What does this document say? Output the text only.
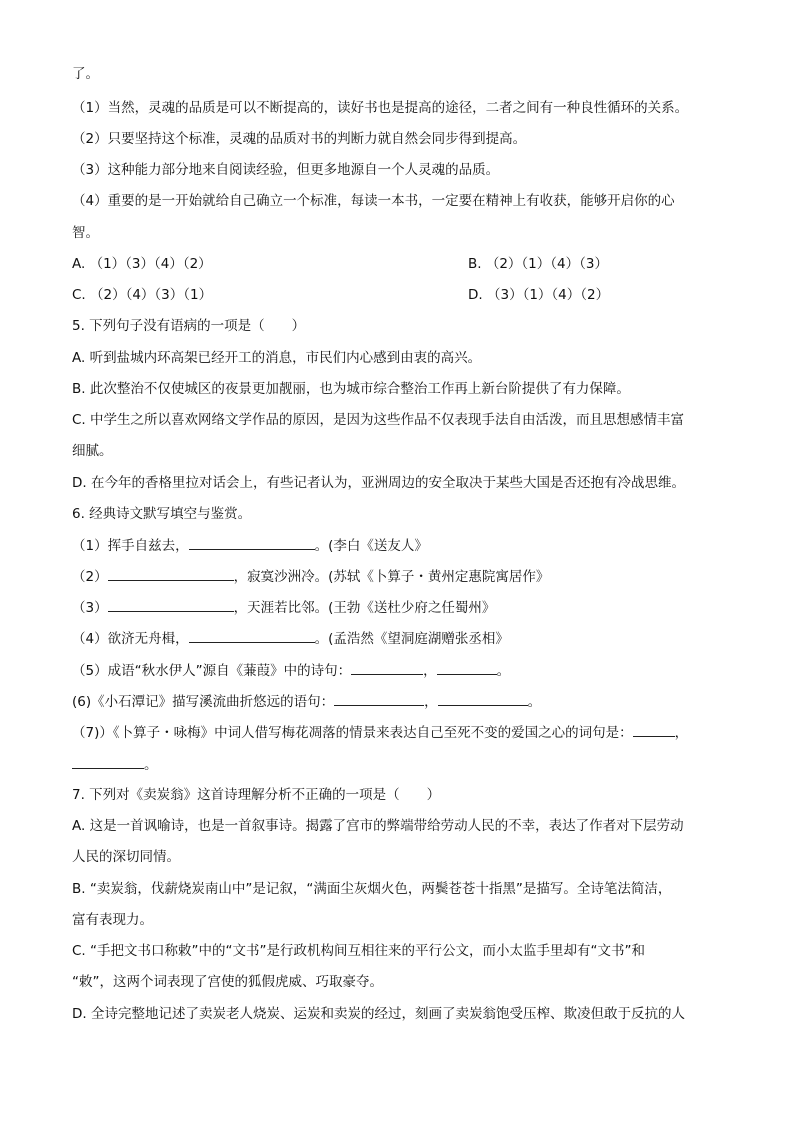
了。
（1）当然，灵魂的品质是可以不断提高的，读好书也是提高的途径，二者之间有一种良性循环的关系。
（2）只要坚持这个标准，灵魂的品质对书的判断力就自然会同步得到提高。
（3）这种能力部分地来自阅读经验，但更多地源自一个人灵魂的品质。
（4）重要的是一开始就给自己确立一个标准，每读一本书，一定要在精神上有收获，能够开启你的心
智。
A. （1）（3）（4）（2）	B. （2）（1）（4）（3）
C. （2）（4）（3）（1）	D. （3）（1）（4）（2）
5. 下列句子没有语病的一项是（　　）
A. 听到盐城内环高架已经开工的消息，市民们内心感到由衷的高兴。
B. 此次整治不仅使城区的夜景更加靓丽，也为城市综合整治工作再上新台阶提供了有力保障。
C. 中学生之所以喜欢网络文学作品的原因，是因为这些作品不仅表现手法自由活泼，而且思想感情丰富
细腻。
D. 在今年的香格里拉对话会上，有些记者认为，亚洲周边的安全取决于某些大国是否还抱有冷战思维。
6. 经典诗文默写填空与鉴赏。
（1）挥手自兹去，	。(李白《送友人》
（2）	，寂寞沙洲冷。(苏轼《卜算子・黄州定惠院寓居作》
（3）	，天涯若比邻。(王勃《送杜少府之任蜀州》
（4）欲济无舟楫，	。(孟浩然《望洞庭湖赠张丞相》
（5）成语“秋水伊人”源自《蒹葭》中的诗句：	，	。
(6)《小石潭记》描写溪流曲折悠远的语句：	，	。
（7)）《卜算子・咏梅》中词人借写梅花凋落的情景来表达自己至死不变的爱国之心的词句是：	，
。
7. 下列对《卖炭翁》这首诗理解分析不正确的一项是（　　）
A. 这是一首讽喻诗，也是一首叙事诗。揭露了宫市的弊端带给劳动人民的不幸，表达了作者对下层劳动
人民的深切同情。
B. “卖炭翁，伐薪烧炭南山中”是记叙，“满面尘灰烟火色，两鬓苍苍十指黑”是描写。全诗笔法简洁，
富有表现力。
C. “手把文书口称敕”中的“文书”是行政机构间互相往来的平行公文，而小太监手里却有“文书”和
“敕”，这两个词表现了宫使的狐假虎威、巧取豪夺。
D. 全诗完整地记述了卖炭老人烧炭、运炭和卖炭的经过，刻画了卖炭翁饱受压榨、欺凌但敢于反抗的人
